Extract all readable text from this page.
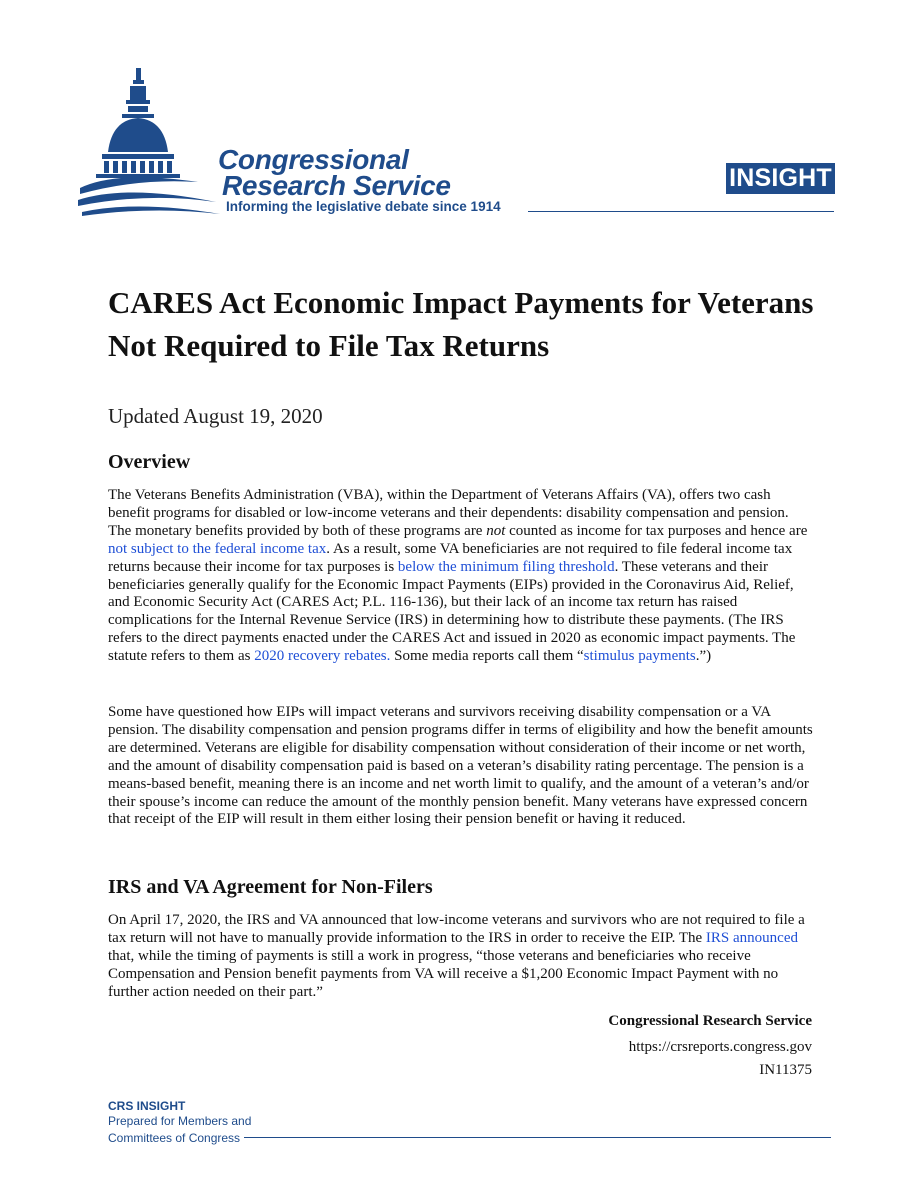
Congressional
Research Service
Informing the legislative debate since 1914
INSIGHT
CARES Act Economic Impact Payments for Veterans Not Required to File Tax Returns
Updated August 19, 2020
Overview

The Veterans Benefits Administration (VBA), within the Department of Veterans Affairs (VA), offers two cash benefit programs for disabled or low-income veterans and their dependents: disability compensation and pension. The monetary benefits provided by both of these programs are not counted as income for tax purposes and hence are not subject to the federal income tax. As a result, some VA beneficiaries are not required to file federal income tax returns because their income for tax purposes is below the minimum filing threshold. These veterans and their beneficiaries generally qualify for the Economic Impact Payments (EIPs) provided in the Coronavirus Aid, Relief, and Economic Security Act (CARES Act; P.L. 116-136), but their lack of an income tax return has raised complications for the Internal Revenue Service (IRS) in determining how to distribute these payments. (The IRS refers to the direct payments enacted under the CARES Act and issued in 2020 as economic impact payments. The statute refers to them as 2020 recovery rebates. Some media reports call them “stimulus payments.”)

Some have questioned how EIPs will impact veterans and survivors receiving disability compensation or a VA pension. The disability compensation and pension programs differ in terms of eligibility and how the benefit amounts are determined. Veterans are eligible for disability compensation without consideration of their income or net worth, and the amount of disability compensation paid is based on a veteran’s disability rating percentage. The pension is a means-based benefit, meaning there is an income and net worth limit to qualify, and the amount of a veteran’s and/or their spouse’s income can reduce the amount of the monthly pension benefit. Many veterans have expressed concern that receipt of the EIP will result in them either losing their pension benefit or having it reduced.

IRS and VA Agreement for Non-Filers

On April 17, 2020, the IRS and VA announced that low-income veterans and survivors who are not required to file a tax return will not have to manually provide information to the IRS in order to receive the EIP. The IRS announced that, while the timing of payments is still a work in progress, “those veterans and beneficiaries who receive Compensation and Pension benefit payments from VA will receive a $1,200 Economic Impact Payment with no further action needed on their part.”

Congressional Research Service
https://crsreports.congress.gov
IN11375
CRS INSIGHT
Prepared for Members and
Committees of Congress
